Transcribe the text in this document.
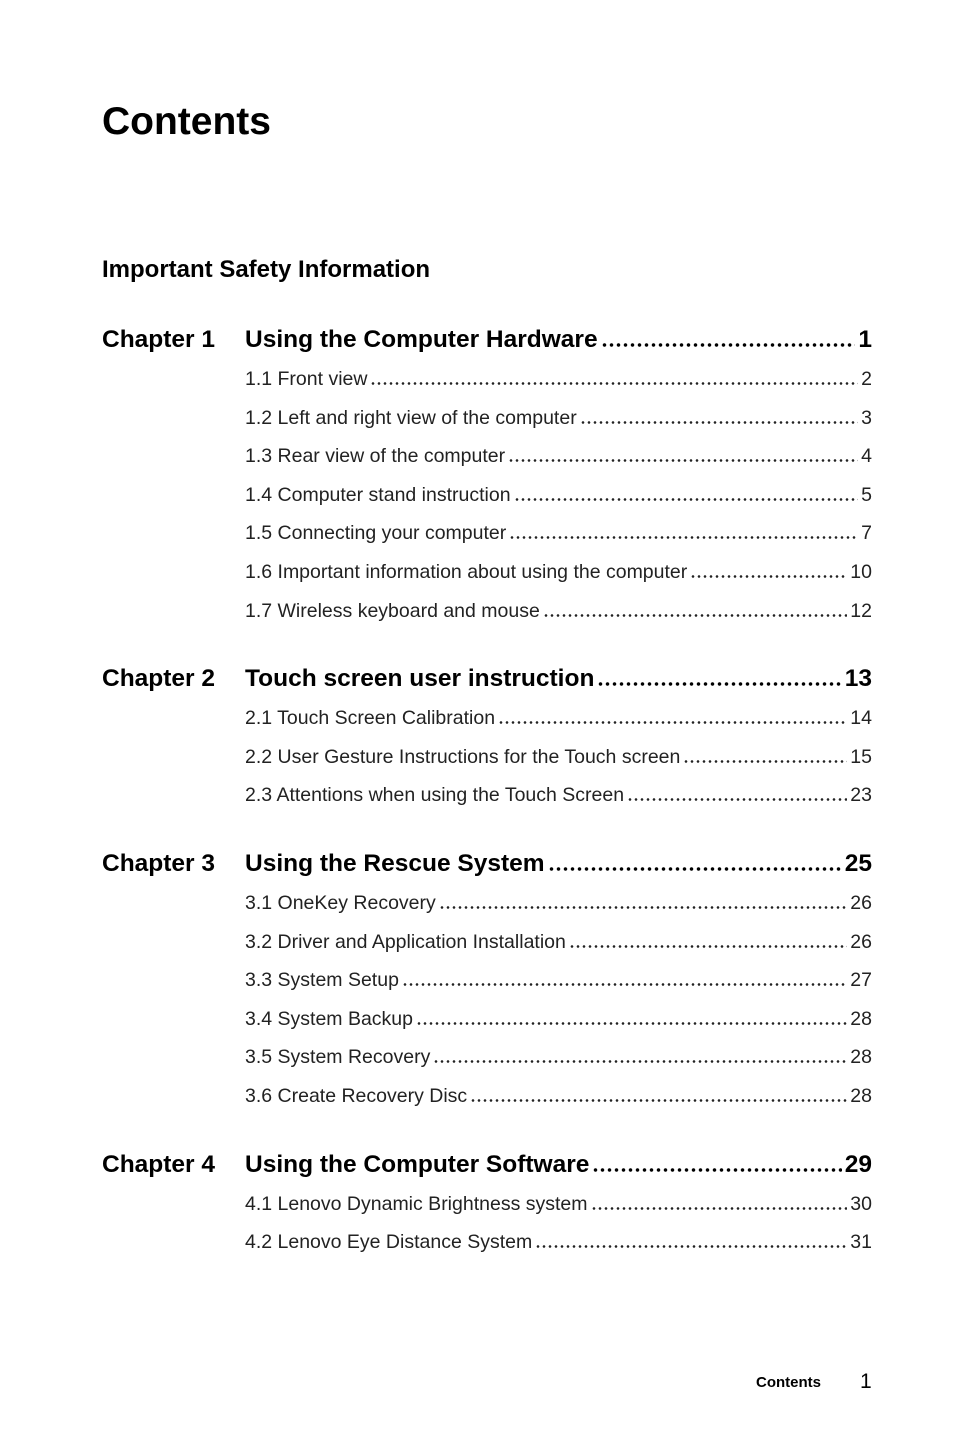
Contents
Important Safety Information
Chapter 1	Using the Computer Hardware	1
1.1 Front view	2
1.2 Left and right view of the computer	3
1.3 Rear view of the computer	4
1.4 Computer stand instruction	5
1.5 Connecting your computer	7
1.6 Important information about using the computer	10
1.7 Wireless keyboard and mouse	12
Chapter 2	Touch screen user instruction	13
2.1 Touch Screen Calibration	14
2.2 User Gesture Instructions for the Touch screen	15
2.3 Attentions when using the Touch Screen	23
Chapter 3	Using the Rescue System	25
3.1 OneKey Recovery	26
3.2 Driver and Application Installation	26
3.3 System Setup	27
3.4 System Backup	28
3.5 System Recovery	28
3.6 Create Recovery Disc	28
Chapter 4	Using the Computer Software	29
4.1 Lenovo Dynamic Brightness system	30
4.2 Lenovo Eye Distance System	31
Contents 1
